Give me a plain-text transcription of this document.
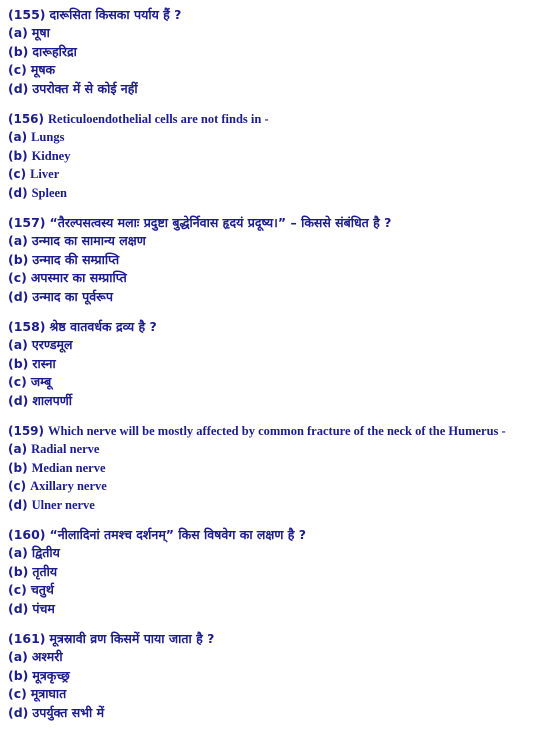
(155) दारूसिता किसका पर्याय हैं ?
(a) मूषा
(b) दारूहरिद्रा
(c) मूषक
(d) उपरोक्त में से कोई नहीं
(156) Reticuloendothelial cells are not finds in -
(a) Lungs
(b) Kidney
(c) Liver
(d) Spleen
(157) “तैरल्पसत्वस्य मलाः प्रदुष्टा बुद्धेर्निवास हृदयं प्रदूष्य।” – किससे संबंधित है ?
(a) उन्माद का सामान्य लक्षण
(b) उन्माद की सम्प्राप्ति
(c) अपस्मार का सम्प्राप्ति
(d) उन्माद का पूर्वरूप
(158) श्रेष्ठ वातवर्धक द्रव्य है ?
(a) एरण्डमूल
(b) रास्ना
(c) जम्बू
(d) शालपर्णी
(159) Which nerve will be mostly affected by common fracture of the neck of the Humerus -
(a) Radial nerve
(b) Median nerve
(c) Axillary nerve
(d) Ulner nerve
(160) “नीलादिनां तमश्च दर्शनम्” किस विषवेग का लक्षण है ?
(a) द्वितीय
(b) तृतीय
(c) चतुर्थ
(d) पंचम
(161) मूत्रस्रावी व्रण किसमें पाया जाता है ?
(a) अश्मरी
(b) मूत्रकृच्छ्र
(c) मूत्राघात
(d) उपर्युक्त सभी में
